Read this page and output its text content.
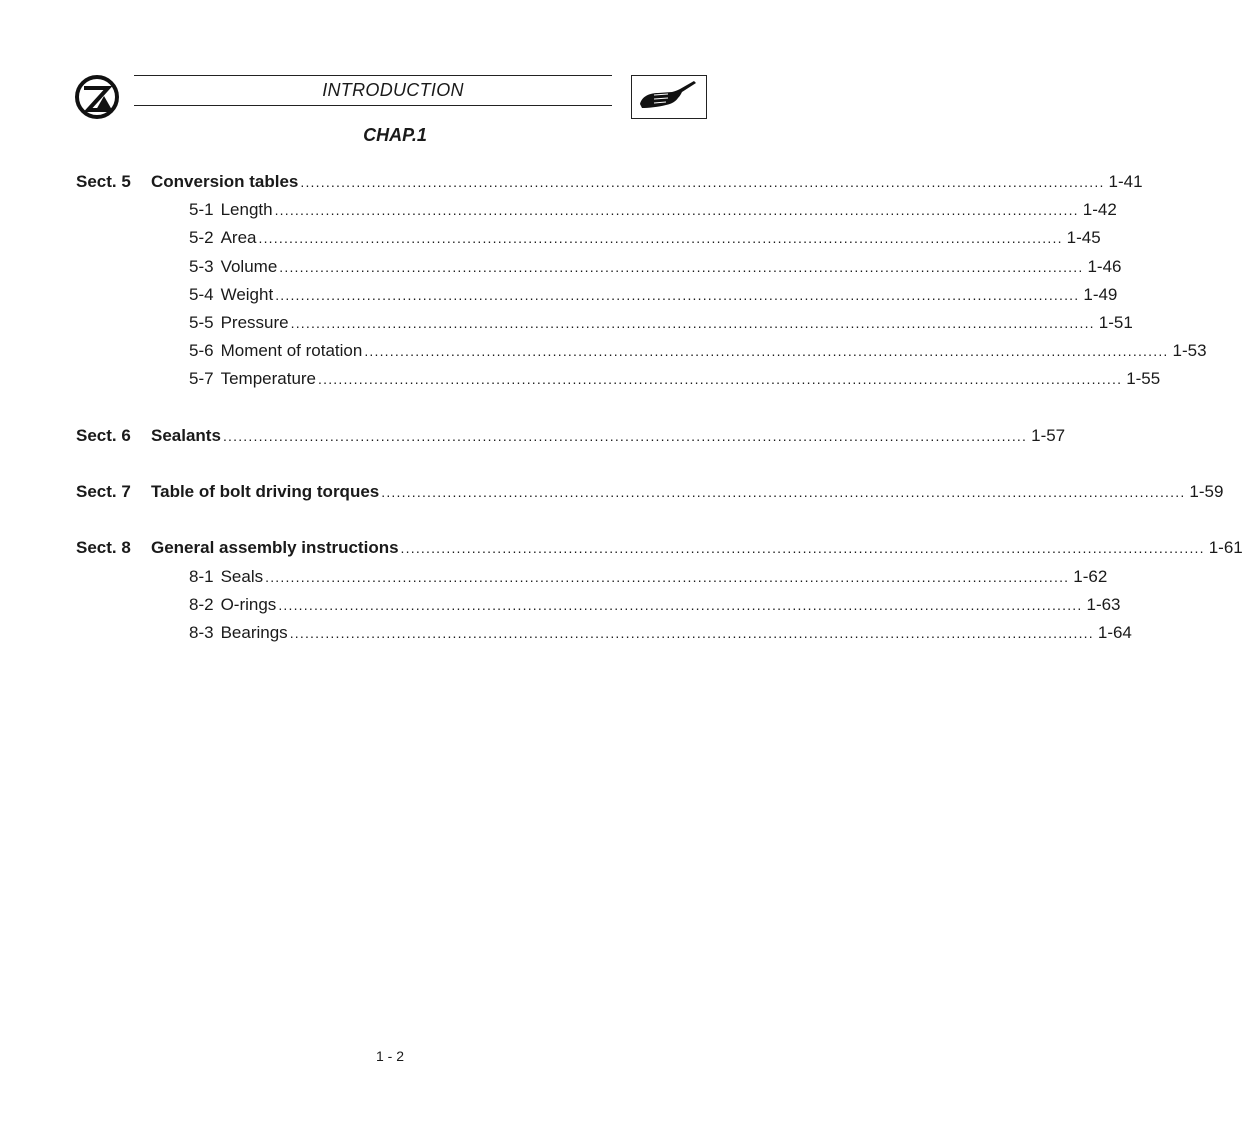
INTRODUCTION
CHAP.1
Sect. 5	Conversion tables .............................................................................................................................................................. 1-41
5-1 Length .............................................................................................................................................................. 1-42
5-2 Area .............................................................................................................................................................. 1-45
5-3 Volume .............................................................................................................................................................. 1-46
5-4 Weight .............................................................................................................................................................. 1-49
5-5 Pressure .............................................................................................................................................................. 1-51
5-6 Moment of rotation .............................................................................................................................................................. 1-53
5-7 Temperature .............................................................................................................................................................. 1-55
Sect. 6	Sealants .............................................................................................................................................................. 1-57
Sect. 7	Table of bolt driving torques .............................................................................................................................................................. 1-59
Sect. 8	General assembly instructions .............................................................................................................................................................. 1-61
8-1 Seals .............................................................................................................................................................. 1-62
8-2 O-rings .............................................................................................................................................................. 1-63
8-3 Bearings .............................................................................................................................................................. 1-64
1 - 2
